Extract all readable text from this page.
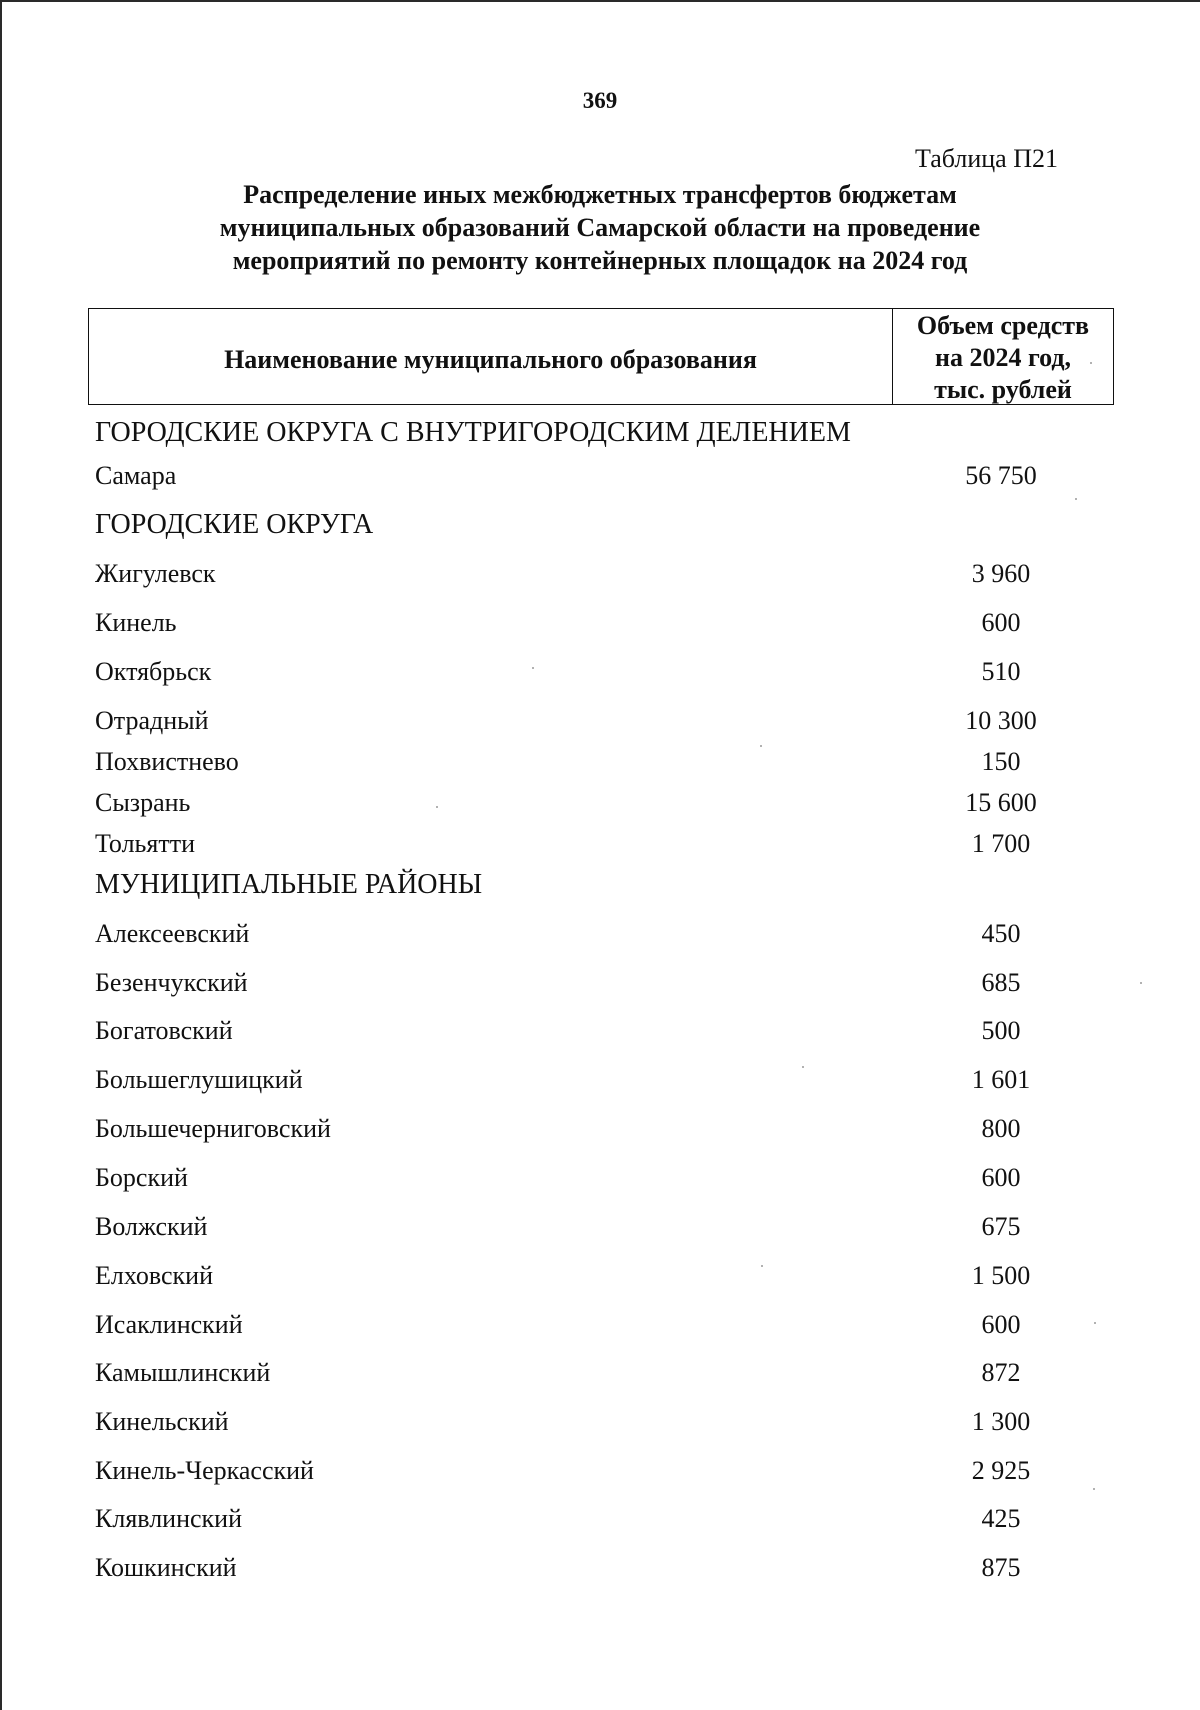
369
Таблица П21
Распределение иных межбюджетных трансфертов бюджетам
муниципальных образований Самарской области на проведение
мероприятий по ремонту контейнерных площадок на 2024 год
Наименование муниципального образования
Объем средств
на 2024 год,
тыс. рублей
ГОРОДСКИЕ ОКРУГА С ВНУТРИГОРОДСКИМ ДЕЛЕНИЕМ
Самара	56 750
ГОРОДСКИЕ ОКРУГА
Жигулевск	3 960
Кинель	600
Октябрьск	510
Отрадный	10 300
Похвистнево	150
Сызрань	15 600
Тольятти	1 700
МУНИЦИПАЛЬНЫЕ РАЙОНЫ
Алексеевский	450
Безенчукский	685
Богатовский	500
Большеглушицкий	1 601
Большечерниговский	800
Борский	600
Волжский	675
Елховский	1 500
Исаклинский	600
Камышлинский	872
Кинельский	1 300
Кинель-Черкасский	2 925
Клявлинский	425
Кошкинский	875
